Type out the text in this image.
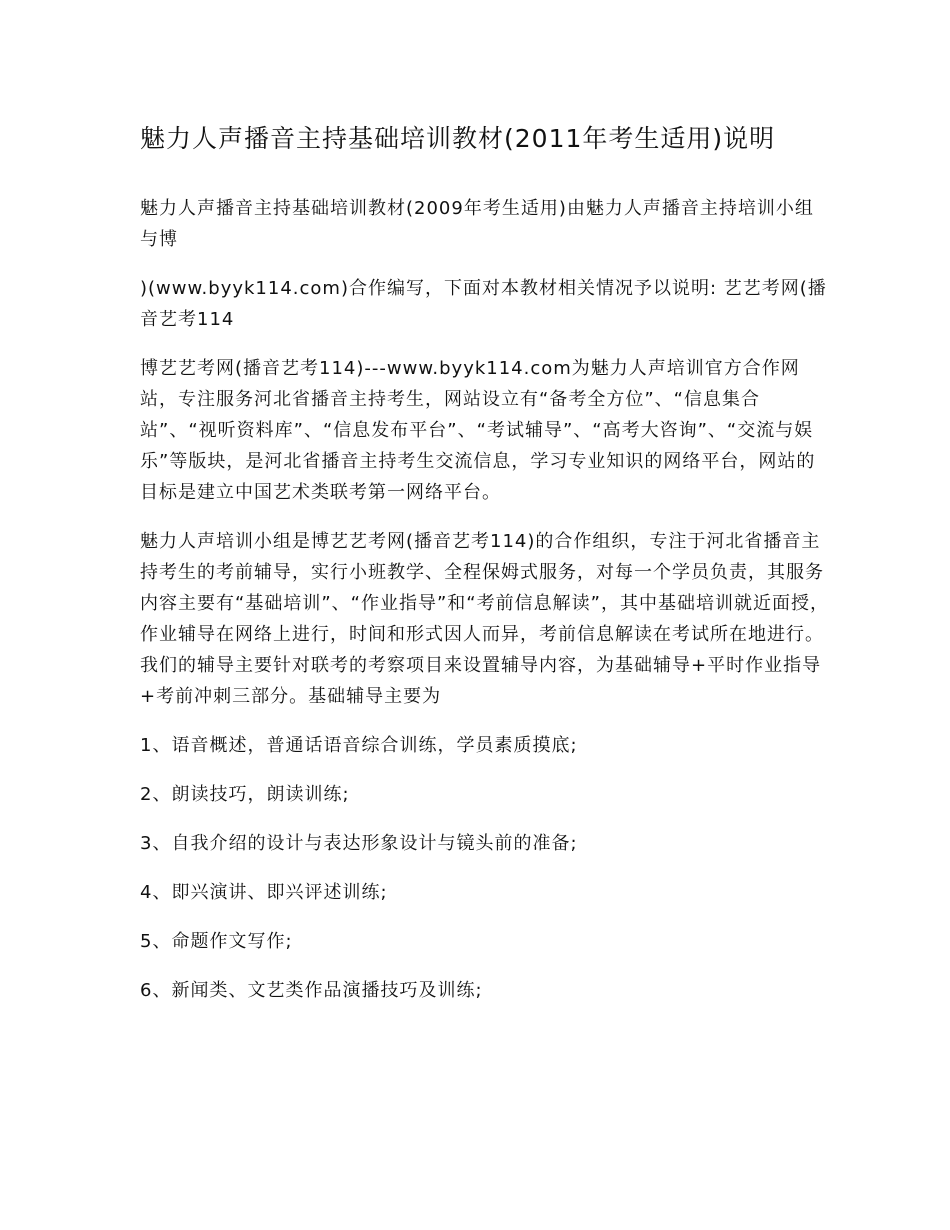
魅力人声播音主持基础培训教材(2011年考生适用)说明

魅力人声播音主持基础培训教材(2009年考生适用)由魅力人声播音主持培训小组与博

)(www.byyk114.com)合作编写，下面对本教材相关情况予以说明: 艺艺考网(播音艺考114

博艺艺考网(播音艺考114)---www.byyk114.com为魅力人声培训官方合作网站，专注服务河北省播音主持考生，网站设立有“备考全方位”、“信息集合站”、“视听资料库”、“信息发布平台”、“考试辅导”、“高考大咨询”、“交流与娱乐”等版块，是河北省播音主持考生交流信息，学习专业知识的网络平台，网站的目标是建立中国艺术类联考第一网络平台。

魅力人声培训小组是博艺艺考网(播音艺考114)的合作组织，专注于河北省播音主持考生的考前辅导，实行小班教学、全程保姆式服务，对每一个学员负责，其服务内容主要有“基础培训”、“作业指导”和“考前信息解读”，其中基础培训就近面授，作业辅导在网络上进行，时间和形式因人而异，考前信息解读在考试所在地进行。我们的辅导主要针对联考的考察项目来设置辅导内容，为基础辅导+平时作业指导+考前冲刺三部分。基础辅导主要为

1、语音概述，普通话语音综合训练，学员素质摸底;
2、朗读技巧，朗读训练;
3、自我介绍的设计与表达形象设计与镜头前的准备;
4、即兴演讲、即兴评述训练;
5、命题作文写作;
6、新闻类、文艺类作品演播技巧及训练;
